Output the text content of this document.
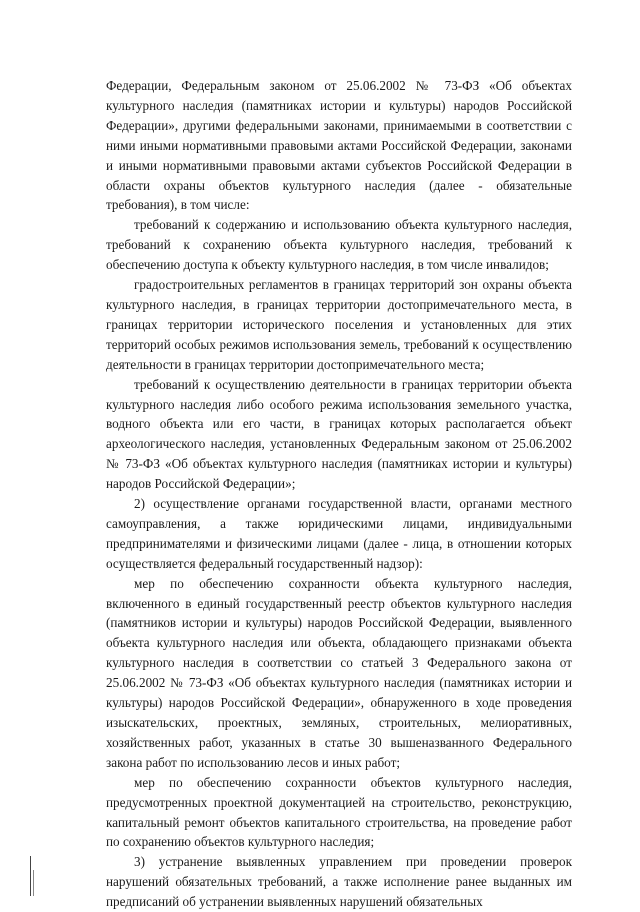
Федерации, Федеральным законом от 25.06.2002 № 73-ФЗ «Об объектах культурного наследия (памятниках истории и культуры) народов Российской Федерации», другими федеральными законами, принимаемыми в соответствии с ними иными нормативными правовыми актами Российской Федерации, законами и иными нормативными правовыми актами субъектов Российской Федерации в области охраны объектов культурного наследия (далее - обязательные требования), в том числе:

требований к содержанию и использованию объекта культурного наследия, требований к сохранению объекта культурного наследия, требований к обеспечению доступа к объекту культурного наследия, в том числе инвалидов;

градостроительных регламентов в границах территорий зон охраны объекта культурного наследия, в границах территории достопримечательного места, в границах территории исторического поселения и установленных для этих территорий особых режимов использования земель, требований к осуществлению деятельности в границах территории достопримечательного места;

требований к осуществлению деятельности в границах территории объекта культурного наследия либо особого режима использования земельного участка, водного объекта или его части, в границах которых располагается объект археологического наследия, установленных Федеральным законом от 25.06.2002 № 73-ФЗ «Об объектах культурного наследия (памятниках истории и культуры) народов Российской Федерации»;

2) осуществление органами государственной власти, органами местного самоуправления, а также юридическими лицами, индивидуальными предпринимателями и физическими лицами (далее - лица, в отношении которых осуществляется федеральный государственный надзор):

мер по обеспечению сохранности объекта культурного наследия, включенного в единый государственный реестр объектов культурного наследия (памятников истории и культуры) народов Российской Федерации, выявленного объекта культурного наследия или объекта, обладающего признаками объекта культурного наследия в соответствии со статьей 3 Федерального закона от 25.06.2002 № 73-ФЗ «Об объектах культурного наследия (памятниках истории и культуры) народов Российской Федерации», обнаруженного в ходе проведения изыскательских, проектных, земляных, строительных, мелиоративных, хозяйственных работ, указанных в статье 30 вышеназванного Федерального закона работ по использованию лесов и иных работ;

мер по обеспечению сохранности объектов культурного наследия, предусмотренных проектной документацией на строительство, реконструкцию, капитальный ремонт объектов капитального строительства, на проведение работ по сохранению объектов культурного наследия;

3) устранение выявленных управлением при проведении проверок нарушений обязательных требований, а также исполнение ранее выданных им предписаний об устранении выявленных нарушений обязательных
